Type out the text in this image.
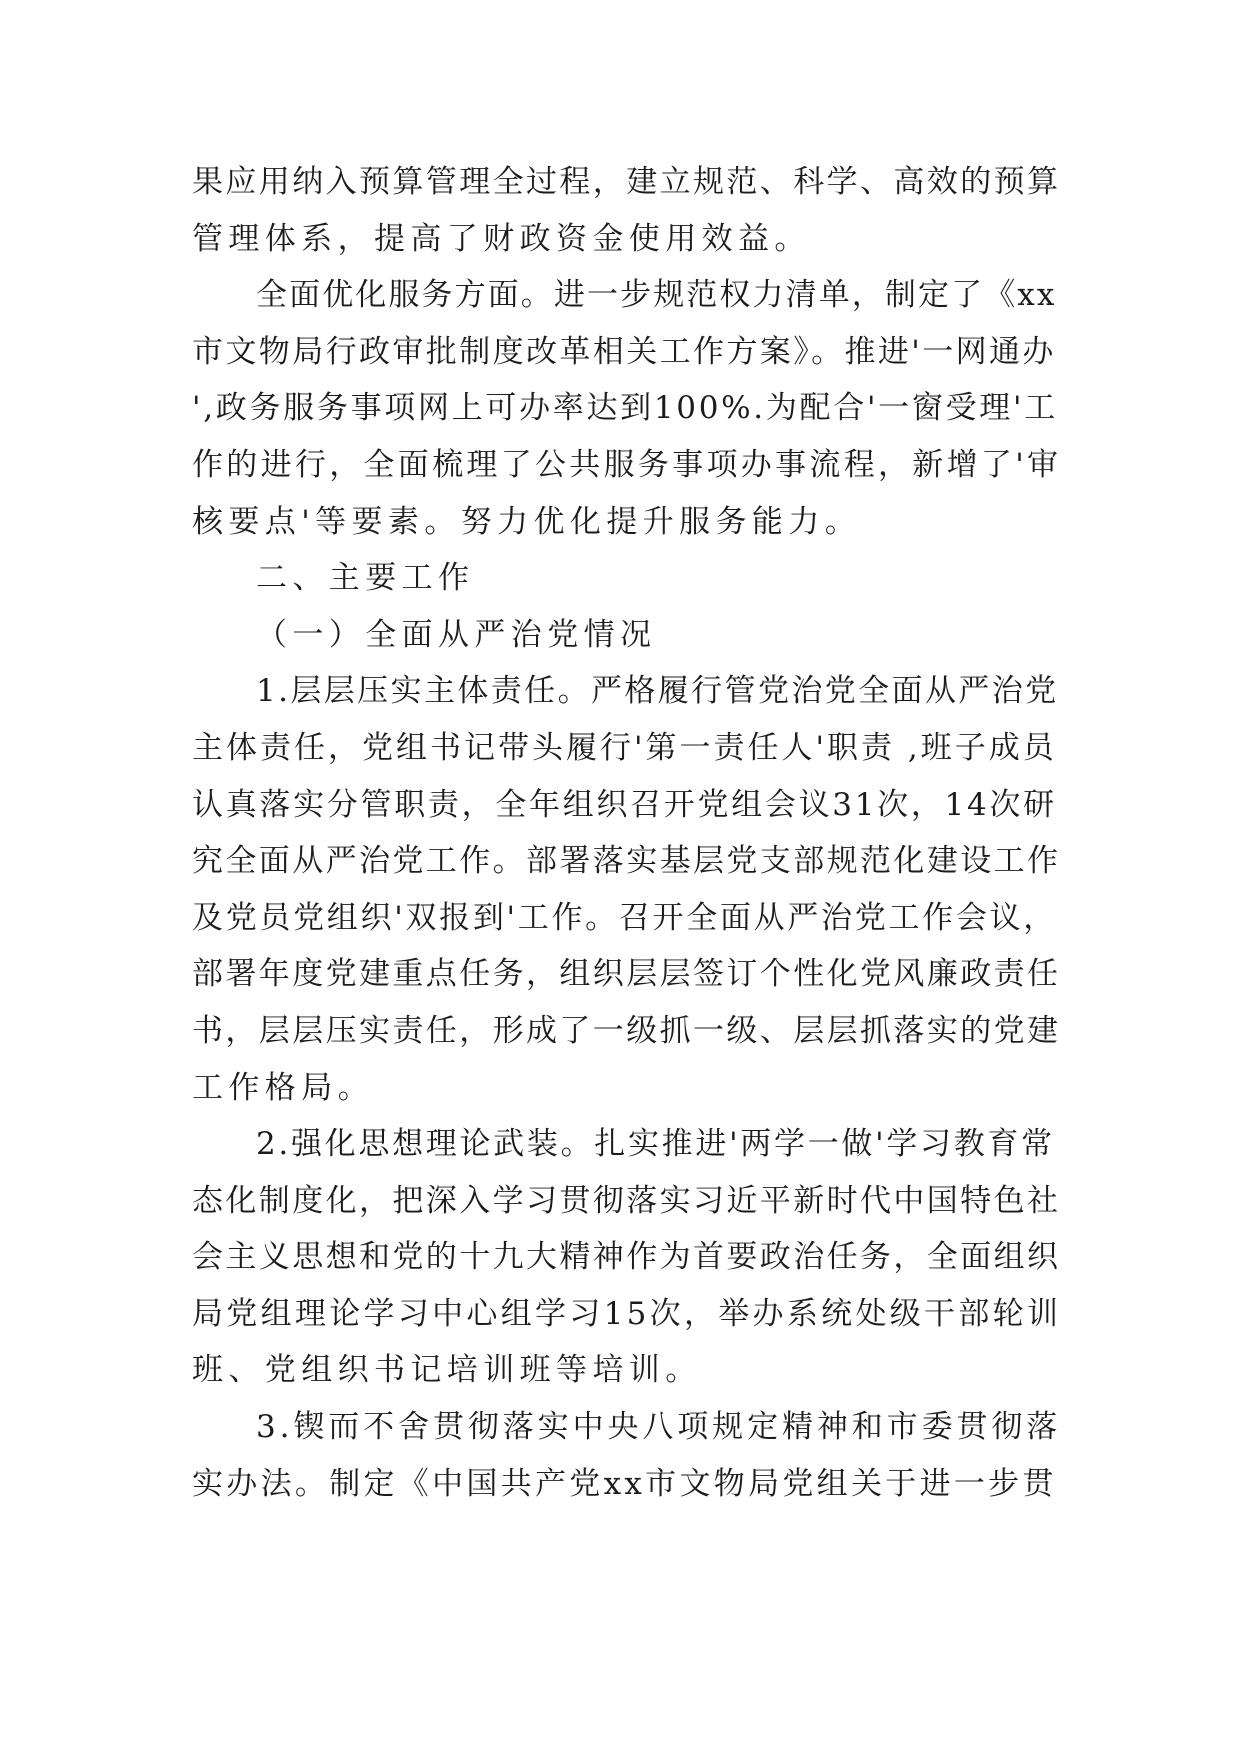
果应用纳入预算管理全过程，建立规范、科学、高效的预算
管理体系，提高了财政资金使用效益。
全面优化服务方面。进一步规范权力清单，制定了《xx
市文物局行政审批制度改革相关工作方案》。推进'一网通办
',政务服务事项网上可办率达到100%.为配合'一窗受理'工
作的进行，全面梳理了公共服务事项办事流程，新增了'审
核要点'等要素。努力优化提升服务能力。
二、主要工作
（一）全面从严治党情况
1.层层压实主体责任。严格履行管党治党全面从严治党
主体责任，党组书记带头履行'第一责任人'职责 ,班子成员
认真落实分管职责，全年组织召开党组会议31次，14次研
究全面从严治党工作。部署落实基层党支部规范化建设工作
及党员党组织'双报到'工作。召开全面从严治党工作会议，
部署年度党建重点任务，组织层层签订个性化党风廉政责任
书，层层压实责任，形成了一级抓一级、层层抓落实的党建
工作格局。
2.强化思想理论武装。扎实推进'两学一做'学习教育常
态化制度化，把深入学习贯彻落实习近平新时代中国特色社
会主义思想和党的十九大精神作为首要政治任务，全面组织
局党组理论学习中心组学习15次，举办系统处级干部轮训
班、党组织书记培训班等培训。
3.锲而不舍贯彻落实中央八项规定精神和市委贯彻落
实办法。制定《中国共产党xx市文物局党组关于进一步贯
